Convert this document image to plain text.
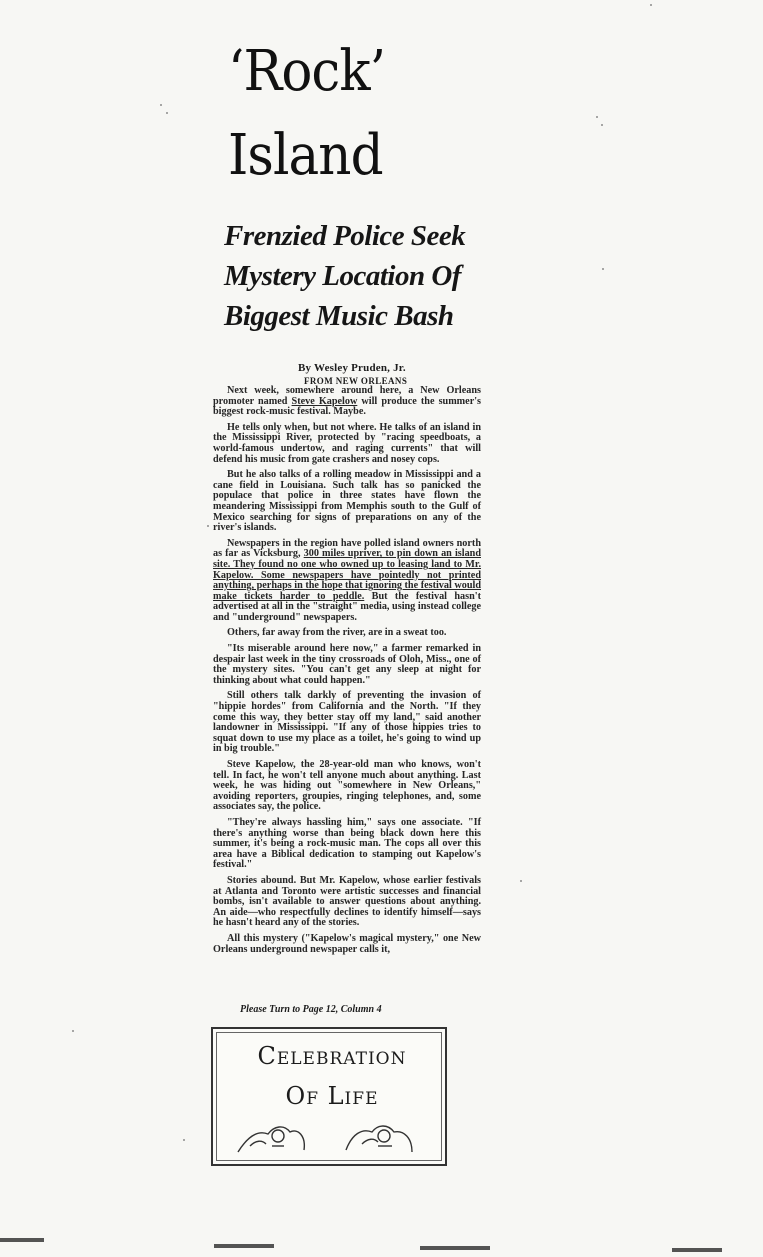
‘Rock’
Island
Frenzied Police Seek
Mystery Location Of
Biggest Music Bash
By Wesley Pruden, Jr.
FROM NEW ORLEANS

Next week, somewhere around here, a New Orleans promoter named Steve Kapelow will produce the summer's biggest rock-music festival. Maybe.

He tells only when, but not where. He talks of an island in the Mississippi River, protected by "racing speedboats, a world-famous undertow, and raging currents" that will defend his music from gate crashers and nosey cops.

But he also talks of a rolling meadow in Mississippi and a cane field in Louisiana. Such talk has so panicked the populace that police in three states have flown the meandering Mississippi from Memphis south to the Gulf of Mexico searching for signs of preparations on any of the river's islands.

Newspapers in the region have polled island owners north as far as Vicksburg, 300 miles upriver, to pin down an island site. They found no one who owned up to leasing land to Mr. Kapelow. Some newspapers have pointedly not printed anything, perhaps in the hope that ignoring the festival would make tickets harder to peddle. But the festival hasn't advertised at all in the "straight" media, using instead college and "underground" newspapers.

Others, far away from the river, are in a sweat too.

"Its miserable around here now," a farmer remarked in despair last week in the tiny crossroads of Oloh, Miss., one of the mystery sites. "You can't get any sleep at night for thinking about what could happen."

Still others talk darkly of preventing the invasion of "hippie hordes" from California and the North. "If they come this way, they better stay off my land," said another landowner in Mississippi. "If any of those hippies tries to squat down to use my place as a toilet, he's going to wind up in big trouble."

Steve Kapelow, the 28-year-old man who knows, won't tell. In fact, he won't tell anyone much about anything. Last week, he was hiding out "somewhere in New Orleans," avoiding reporters, groupies, ringing telephones, and, some associates say, the police.

"They're always hassling him," says one associate. "If there's anything worse than being black down here this summer, it's being a rock-music man. The cops all over this area have a Biblical dedication to stamping out Kapelow's festival."

Stories abound. But Mr. Kapelow, whose earlier festivals at Atlanta and Toronto were artistic successes and financial bombs, isn't available to answer questions about anything. An aide—who respectfully declines to identify himself—says he hasn't heard any of the stories.

All this mystery ("Kapelow's magical mystery," one New Orleans underground newspaper calls it,

Please Turn to Page 12, Column 4
Celebration
Of Life
